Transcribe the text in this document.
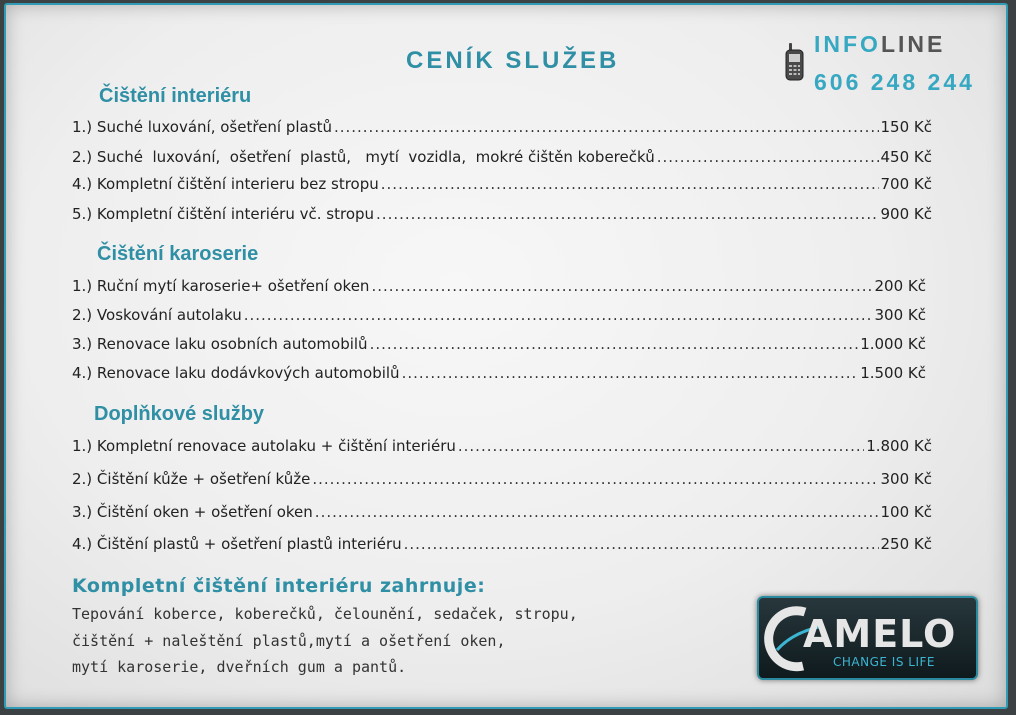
CENÍK SLUŽEB
INFOLINE
606 248 244
Čištění interiéru
1.) Suché luxování, ošetření plastů .....	150 Kč
2.) Suché  luxování,  ošetření  plastů,   mytí  vozidla,  mokré čištěn koberečků .....	450 Kč
4.) Kompletní čištění interieru bez stropu .....	700 Kč
5.) Kompletní čištění interiéru vč. stropu .....	900 Kč
Čištění karoserie
1.) Ruční mytí karoserie+ ošetření oken .....	200 Kč
2.) Voskování autolaku .....	300 Kč
3.) Renovace laku osobních automobilů .....	1.000 Kč
4.) Renovace laku dodávkových automobilů .....	1.500 Kč
Doplňkové služby
1.) Kompletní renovace autolaku + čištění interiéru .....	1.800 Kč
2.) Čištění kůže + ošetření kůže .....	300 Kč
3.) Čištění oken + ošetření oken .....	100 Kč
4.) Čištění plastů + ošetření plastů interiéru .....	250 Kč
Kompletní čištění interiéru zahrnuje:
Tepování koberce, koberečků, čelounění, sedaček, stropu,
čištění + naleštění plastů,mytí a ošetření oken,
mytí karoserie, dveřních gum a pantů.
AMELO
CHANGE IS LIFE
